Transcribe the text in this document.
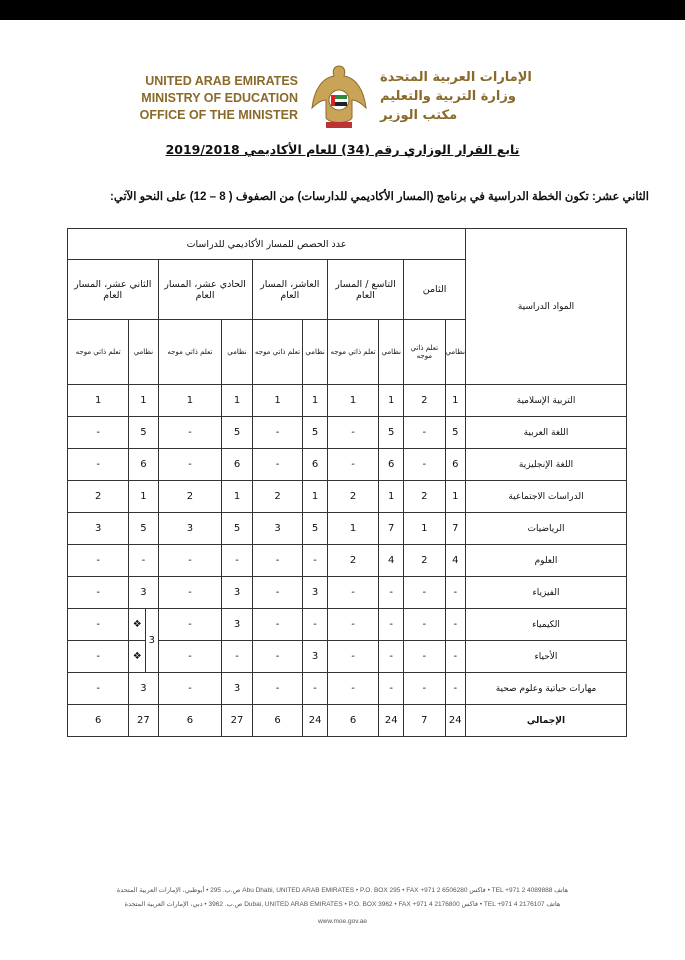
UNITED ARAB EMIRATES
MINISTRY OF EDUCATION
OFFICE OF THE MINISTER
الإمارات العربية المتحدة
وزارة التربية والتعليم
مكتب الوزير
تابع القرار الوزاري رقم (34) للعام الأكاديمي 2019/2018
الثاني عشر: تكون الخطة الدراسية في برنامج (المسار الأكاديمي للدارسات) من الصفوف ( 8 – 12) على النحو الآتي:
المواد الدراسية	عدد الحصص للمسار الأكاديمي للدراسات										
	الثامن		التاسع / المسار العام		العاشر، المسار العام		الحادي عشر، المسار العام		الثاني عشر، المسار العام		
	نظامي	تعلم ذاتي موجه	نظامي	تعلم ذاتي موجه	نظامي	تعلم ذاتي موجه	نظامي	تعلم ذاتي موجه	نظامي		تعلم ذاتي موجه
التربية الإسلامية	1	2	1	1	1	1	1	1	1		1
اللغة العربية	5	-	5	-	5	-	5	-	5		-
اللغة الإنجليزية	6	-	6	-	6	-	6	-	6		-
الدراسات الاجتماعية	1	2	1	2	1	2	1	2	1		2
الرياضيات	7	1	7	1	5	3	5	3	5		3
العلوم	4	2	4	2	-	-	-	-	-		-
الفيزياء	-	-	-	-	3	-	3	-	3		-
الكيمياء	-	-	-	-	-	-	3	-	3	❖	-
الأحياء	-	-	-	-	3	-	-	-		❖	-
مهارات حياتية وعلوم صحية	-	-	-	-	-	-	3	-	3		-
الإجمالي	24	7	24	6	24	6	27	6	27		6
ص.ب. 295 • أبوظبي، الإمارات العربية المتحدة Abu Dhabi, UNITED ARAB EMIRATES • P.O. BOX 295 • FAX +971 2 6506280 فاكس • TEL +971 2 4089888 هاتف
ص.ب. 3962 • دبي، الإمارات العربية المتحدة Dubai, UNITED ARAB EMIRATES • P.O. BOX 3962 • FAX +971 4 2176800 فاكس • TEL +971 4 2176107 هاتف
www.moe.gov.ae
